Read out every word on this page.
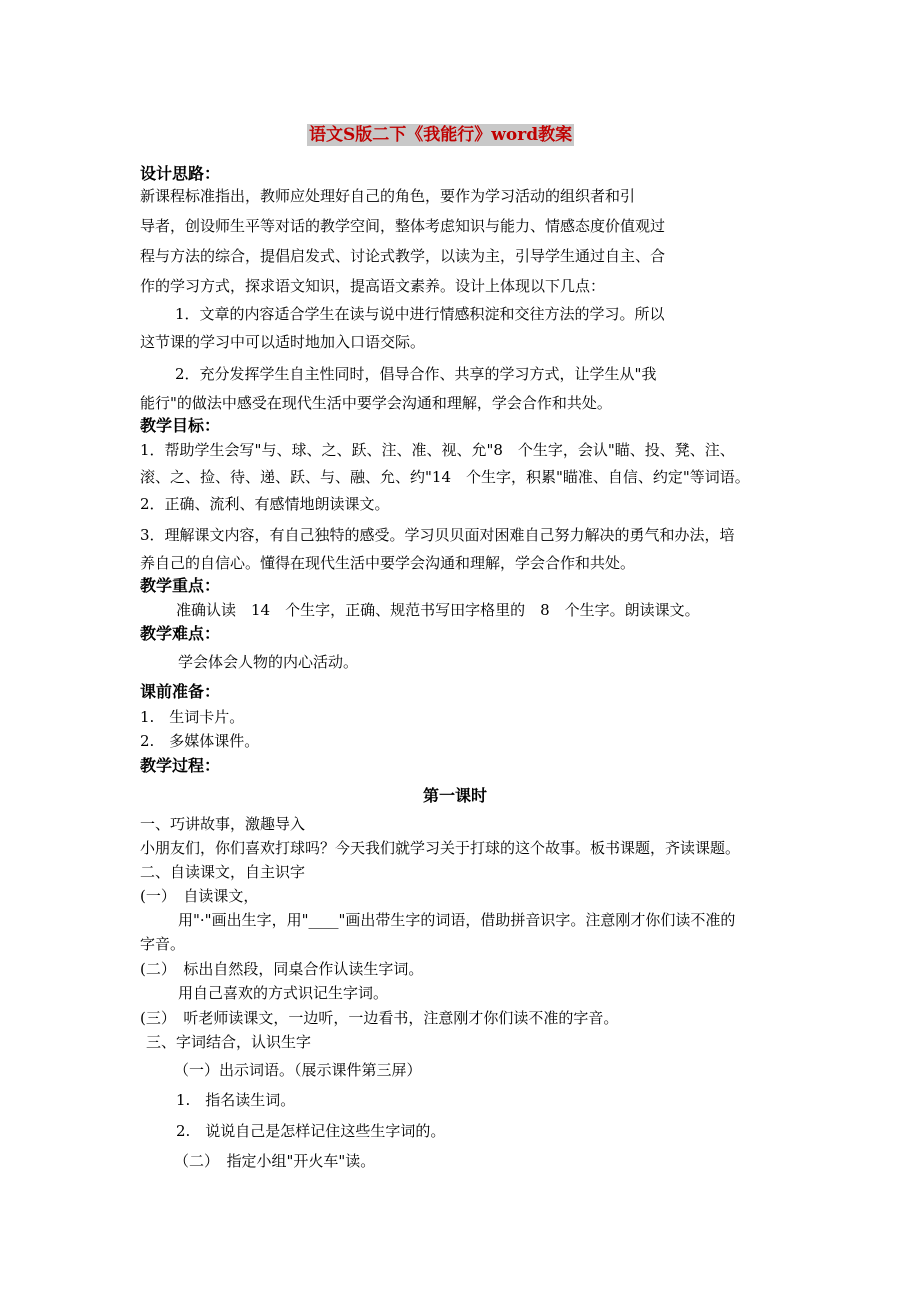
语文S版二下《我能行》word教案
设计思路：
新课程标准指出，教师应处理好自己的角色，要作为学习活动的组织者和引
导者，创设师生平等对话的教学空间，整体考虑知识与能力、情感态度价值观过
程与方法的综合，提倡启发式、讨论式教学，以读为主，引导学生通过自主、合
作的学习方式，探求语文知识，提高语文素养。设计上体现以下几点：
1．文章的内容适合学生在读与说中进行情感积淀和交往方法的学习。所以
这节课的学习中可以适时地加入口语交际。
2．充分发挥学生自主性同时，倡导合作、共享的学习方式，让学生从"我
能行"的做法中感受在现代生活中要学会沟通和理解，学会合作和共处。
教学目标：
1．帮助学生会写"与、球、之、跃、注、准、视、允"8　个生字，会认"瞄、投、凳、注、
滚、之、捡、待、递、跃、与、融、允、约"14　个生字，积累"瞄准、自信、约定"等词语。
2．正确、流利、有感情地朗读课文。
3．理解课文内容，有自己独特的感受。学习贝贝面对困难自己努力解决的勇气和办法，培
养自己的自信心。懂得在现代生活中要学会沟通和理解，学会合作和共处。
教学重点：
准确认读　14　个生字，正确、规范书写田字格里的　8　个生字。朗读课文。
教学难点：
学会体会人物的内心活动。
课前准备：
1.　生词卡片。
2.　多媒体课件。
教学过程：
第一课时
一、巧讲故事，激趣导入
小朋友们，你们喜欢打球吗？今天我们就学习关于打球的这个故事。板书课题，齐读课题。
二、自读课文，自主识字
(一）　自读课文，
用"·"画出生字，用"____"画出带生字的词语，借助拼音识字。注意刚才你们读不准的
字音。
(二）　标出自然段，同桌合作认读生字词。
用自己喜欢的方式识记生字词。
(三）　听老师读课文，一边听，一边看书，注意刚才你们读不准的字音。
三、字词结合，认识生字
（一）出示词语。（展示课件第三屏）
1.　指名读生词。
2.　说说自己是怎样记住这些生字词的。
（二）　指定小组"开火车"读。
